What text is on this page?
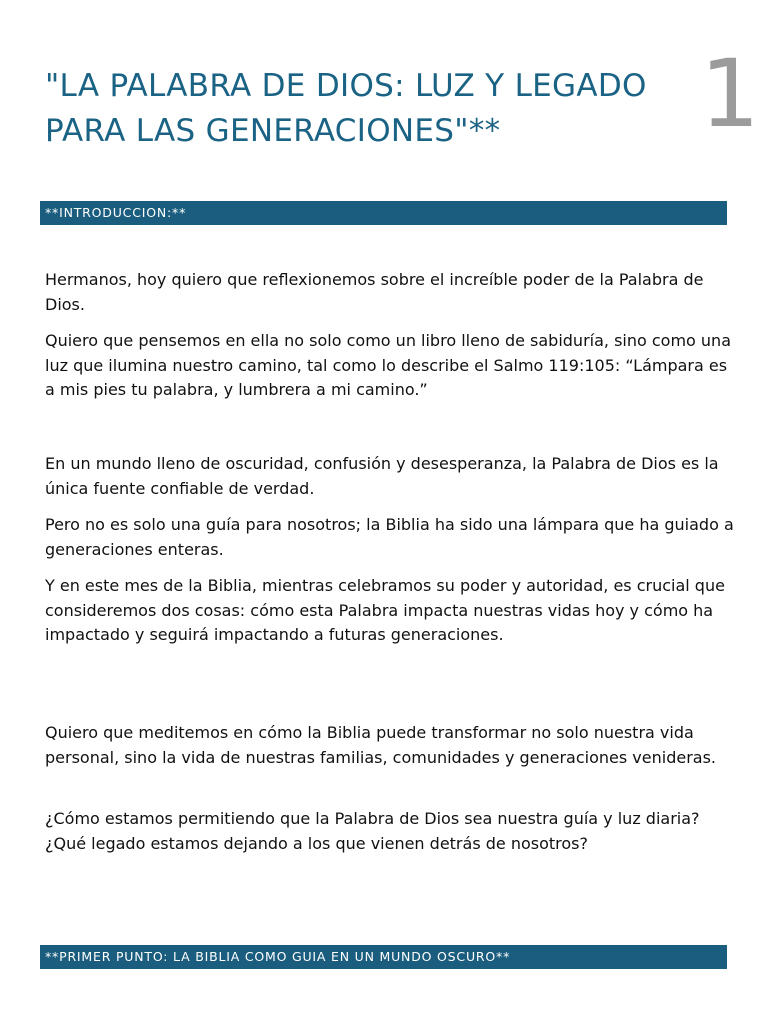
1
"LA PALABRA DE DIOS: LUZ Y LEGADO PARA LAS GENERACIONES"**
**INTRODUCCION:**

Hermanos, hoy quiero que reflexionemos sobre el increíble poder de la Palabra de Dios.

Quiero que pensemos en ella no solo como un libro lleno de sabiduría, sino como una luz que ilumina nuestro camino, tal como lo describe el Salmo 119:105: “Lámpara es a mis pies tu palabra, y lumbrera a mi camino.”

En un mundo lleno de oscuridad, confusión y desesperanza, la Palabra de Dios es la única fuente confiable de verdad.

Pero no es solo una guía para nosotros; la Biblia ha sido una lámpara que ha guiado a generaciones enteras.

Y en este mes de la Biblia, mientras celebramos su poder y autoridad, es crucial que consideremos dos cosas: cómo esta Palabra impacta nuestras vidas hoy y cómo ha impactado y seguirá impactando a futuras generaciones.

Quiero que meditemos en cómo la Biblia puede transformar no solo nuestra vida personal, sino la vida de nuestras familias, comunidades y generaciones venideras.

¿Cómo estamos permitiendo que la Palabra de Dios sea nuestra guía y luz diaria? ¿Qué legado estamos dejando a los que vienen detrás de nosotros?

**PRIMER PUNTO: LA BIBLIA COMO GUIA EN UN MUNDO OSCURO**
